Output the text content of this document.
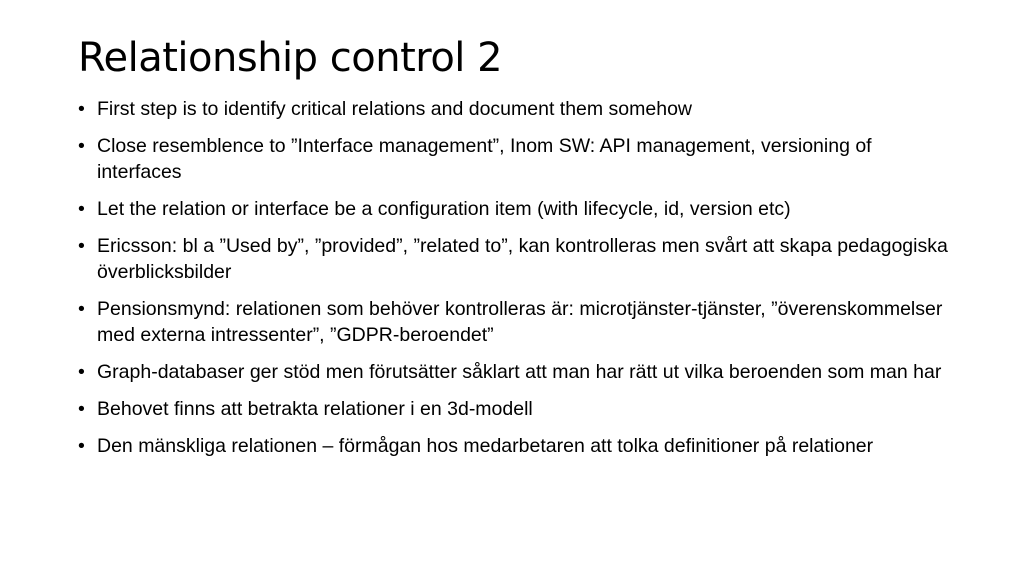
Relationship control 2
• First step is to identify critical relations and document them somehow
• Close resemblence to ”Interface management”, Inom SW: API management, versioning of interfaces
• Let the relation or interface be a configuration item (with lifecycle, id, version etc)
• Ericsson: bl a ”Used by”, ”provided”, ”related to”, kan kontrolleras men svårt att skapa pedagogiska överblicksbilder
• Pensionsmynd: relationen som behöver kontrolleras är: microtjänster-tjänster, ”överenskommelser med externa intressenter”, ”GDPR-beroendet”
• Graph-databaser ger stöd men förutsätter såklart att man har rätt ut vilka beroenden som man har
• Behovet finns att betrakta relationer i en 3d-modell
• Den mänskliga relationen – förmågan hos medarbetaren att tolka definitioner på relationer
